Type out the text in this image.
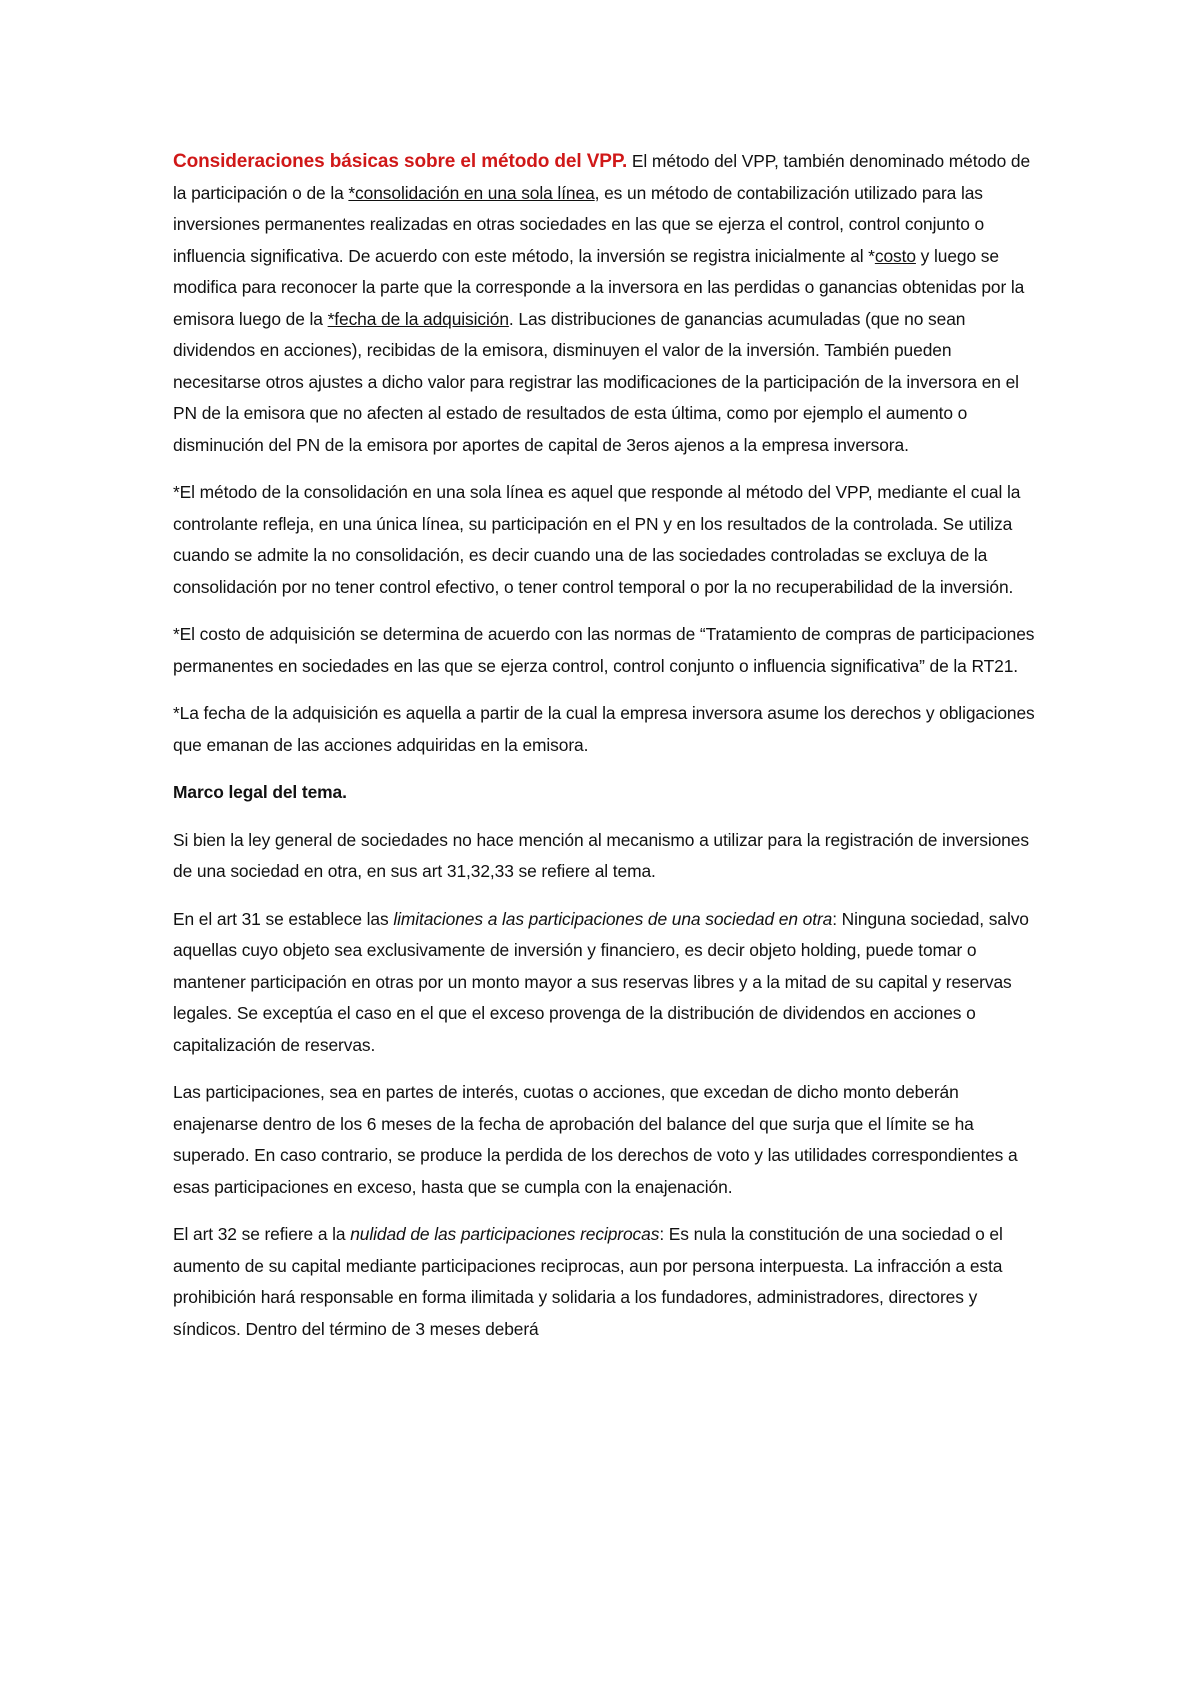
Consideraciones básicas sobre el método del VPP. El método del VPP, también denominado método de la participación o de la *consolidación en una sola línea, es un método de contabilización utilizado para las inversiones permanentes realizadas en otras sociedades en las que se ejerza el control, control conjunto o influencia significativa. De acuerdo con este método, la inversión se registra inicialmente al *costo y luego se modifica para reconocer la parte que la corresponde a la inversora en las perdidas o ganancias obtenidas por la emisora luego de la *fecha de la adquisición. Las distribuciones de ganancias acumuladas (que no sean dividendos en acciones), recibidas de la emisora, disminuyen el valor de la inversión. También pueden necesitarse otros ajustes a dicho valor para registrar las modificaciones de la participación de la inversora en el PN de la emisora que no afecten al estado de resultados de esta última, como por ejemplo el aumento o disminución del PN de la emisora por aportes de capital de 3eros ajenos a la empresa inversora.

*El método de la consolidación en una sola línea es aquel que responde al método del VPP, mediante el cual la controlante refleja, en una única línea, su participación en el PN y en los resultados de la controlada. Se utiliza cuando se admite la no consolidación, es decir cuando una de las sociedades controladas se excluya de la consolidación por no tener control efectivo, o tener control temporal o por la no recuperabilidad de la inversión.

*El costo de adquisición se determina de acuerdo con las normas de “Tratamiento de compras de participaciones permanentes en sociedades en las que se ejerza control, control conjunto o influencia significativa” de la RT21.

*La fecha de la adquisición es aquella a partir de la cual la empresa inversora asume los derechos y obligaciones que emanan de las acciones adquiridas en la emisora.

Marco legal del tema.

Si bien la ley general de sociedades no hace mención al mecanismo a utilizar para la registración de inversiones de una sociedad en otra, en sus art 31,32,33 se refiere al tema.

En el art 31 se establece las limitaciones a las participaciones de una sociedad en otra: Ninguna sociedad, salvo aquellas cuyo objeto sea exclusivamente de inversión y financiero, es decir objeto holding, puede tomar o mantener participación en otras por un monto mayor a sus reservas libres y a la mitad de su capital y reservas legales. Se exceptúa el caso en el que el exceso provenga de la distribución de dividendos en acciones o capitalización de reservas.

Las participaciones, sea en partes de interés, cuotas o acciones, que excedan de dicho monto deberán enajenarse dentro de los 6 meses de la fecha de aprobación del balance del que surja que el límite se ha superado. En caso contrario, se produce la perdida de los derechos de voto y las utilidades correspondientes a esas participaciones en exceso, hasta que se cumpla con la enajenación.

El art 32 se refiere a la nulidad de las participaciones reciprocas: Es nula la constitución de una sociedad o el aumento de su capital mediante participaciones reciprocas, aun por persona interpuesta. La infracción a esta prohibición hará responsable en forma ilimitada y solidaria a los fundadores, administradores, directores y síndicos. Dentro del término de 3 meses deberá
